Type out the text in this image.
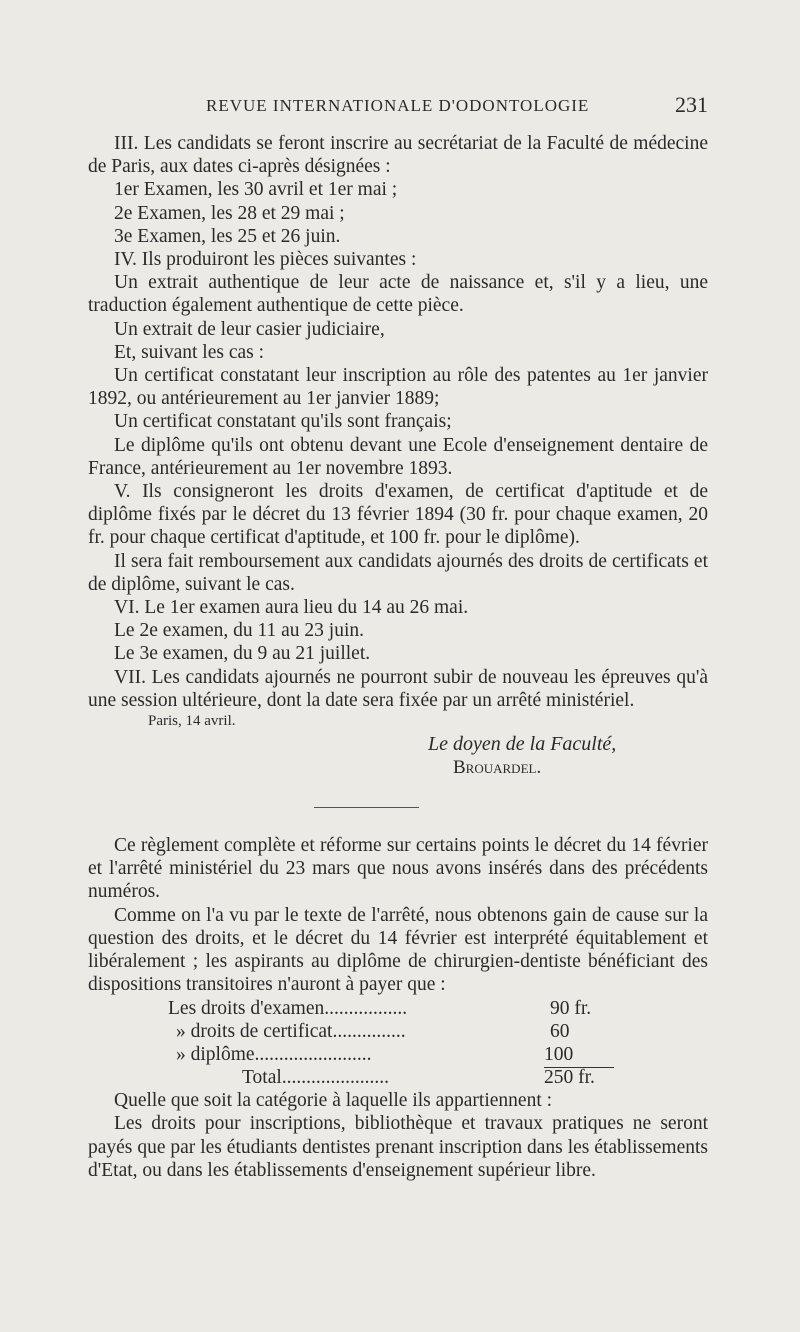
REVUE INTERNATIONALE D'ODONTOLOGIE	231

III. Les candidats se feront inscrire au secrétariat de la Faculté de médecine de Paris, aux dates ci-après désignées :

1er Examen, les 30 avril et 1er mai ;

2e Examen, les 28 et 29 mai ;

3e Examen, les 25 et 26 juin.

IV. Ils produiront les pièces suivantes :

Un extrait authentique de leur acte de naissance et, s'il y a lieu, une traduction également authentique de cette pièce.

Un extrait de leur casier judiciaire,

Et, suivant les cas :

Un certificat constatant leur inscription au rôle des patentes au 1er janvier 1892, ou antérieurement au 1er janvier 1889;

Un certificat constatant qu'ils sont français;

Le diplôme qu'ils ont obtenu devant une Ecole d'enseignement dentaire de France, antérieurement au 1er novembre 1893.

V. Ils consigneront les droits d'examen, de certificat d'aptitude et de diplôme fixés par le décret du 13 février 1894 (30 fr. pour chaque examen, 20 fr. pour chaque certificat d'aptitude, et 100 fr. pour le diplôme).

Il sera fait remboursement aux candidats ajournés des droits de certificats et de diplôme, suivant le cas.

VI. Le 1er examen aura lieu du 14 au 26 mai.

Le 2e examen, du 11 au 23 juin.

Le 3e examen, du 9 au 21 juillet.

VII. Les candidats ajournés ne pourront subir de nouveau les épreuves qu'à une session ultérieure, dont la date sera fixée par un arrêté ministériel.

Paris, 14 avril.

Le doyen de la Faculté,

Brouardel.

Ce règlement complète et réforme sur certains points le décret du 14 février et l'arrêté ministériel du 23 mars que nous avons insérés dans des précédents numéros.

Comme on l'a vu par le texte de l'arrêté, nous obtenons gain de cause sur la question des droits, et le décret du 14 février est interprété équitablement et libéralement ; les aspirants au diplôme de chirurgien-dentiste bénéficiant des dispositions transitoires n'auront à payer que :

Les droits d'examen.................	90 fr.
» droits de certificat...............	60
» diplôme........................	100
Total......................	250 fr.

Quelle que soit la catégorie à laquelle ils appartiennent :

Les droits pour inscriptions, bibliothèque et travaux pratiques ne seront payés que par les étudiants dentistes prenant inscription dans les établissements d'Etat, ou dans les établissements d'enseignement supérieur libre.
